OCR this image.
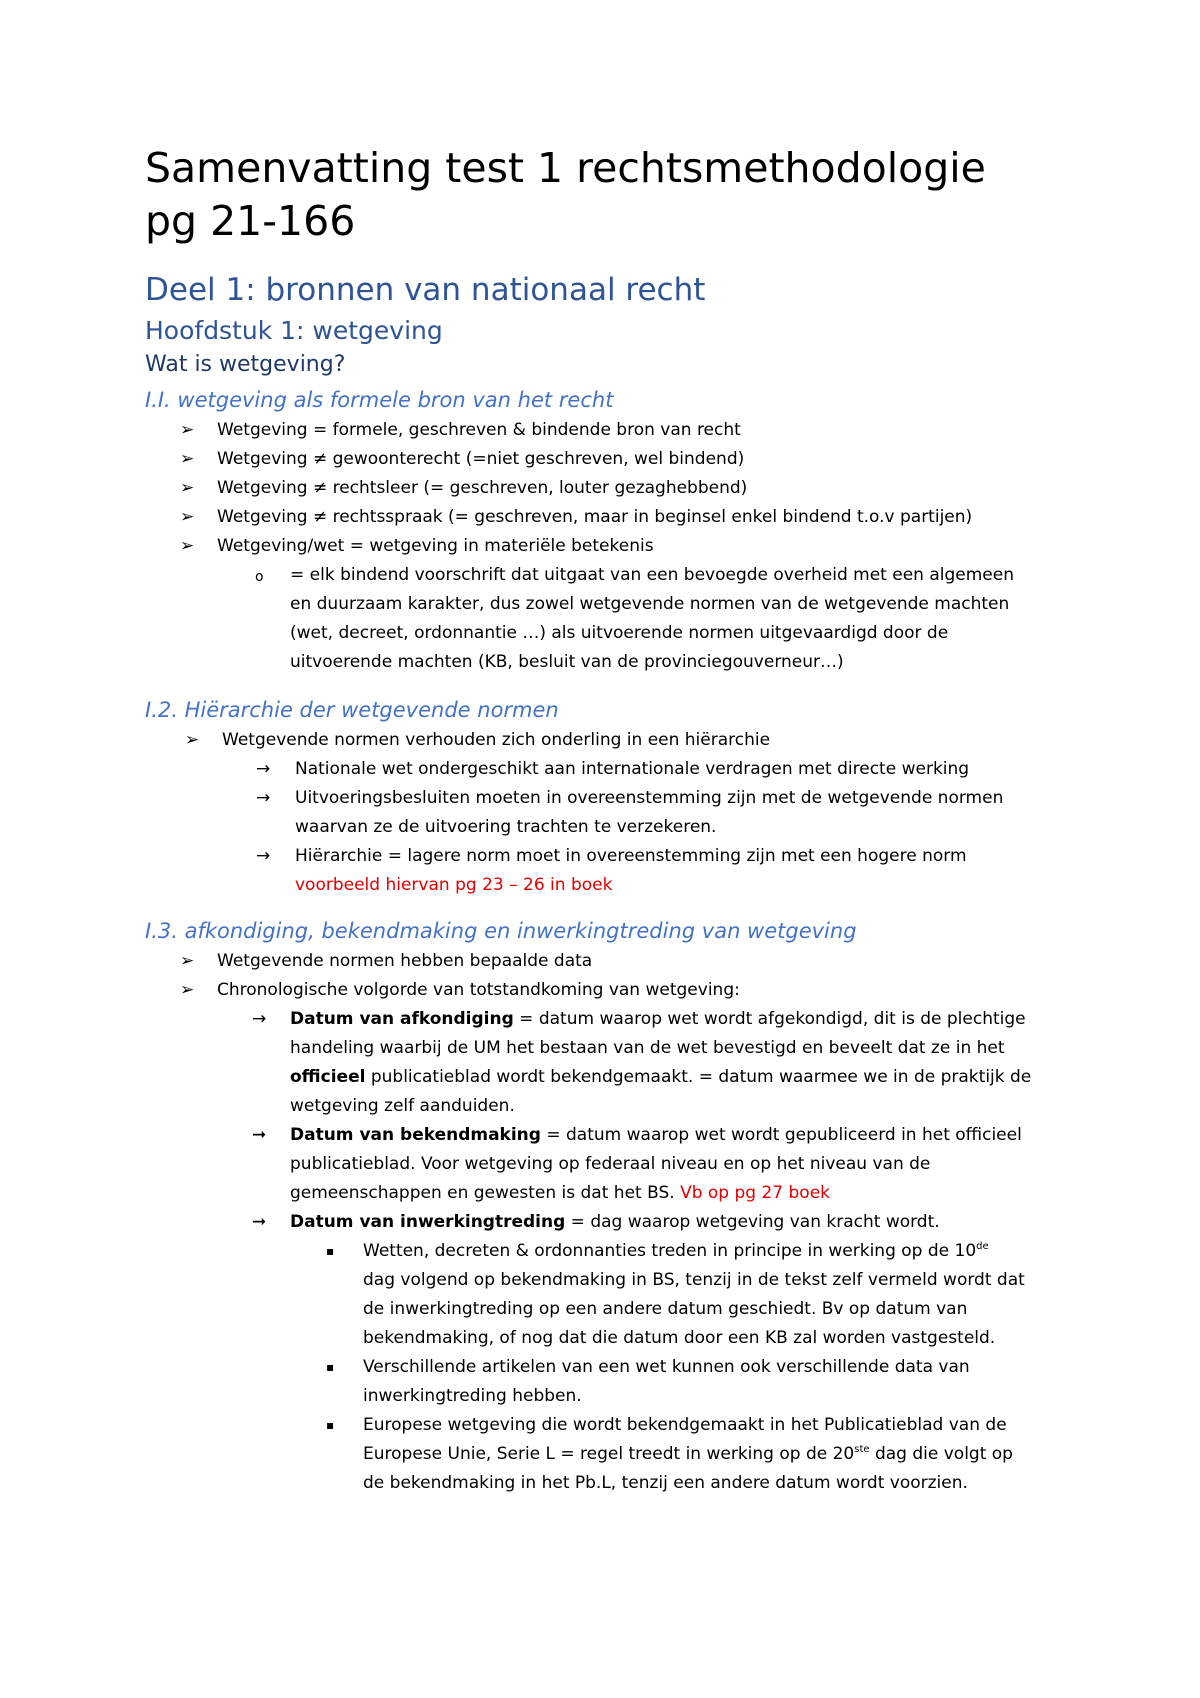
Samenvatting test 1 rechtsmethodologie
pg 21-166
Deel 1: bronnen van nationaal recht
Hoofdstuk 1: wetgeving
Wat is wetgeving?
I.I. wetgeving als formele bron van het recht
➢ Wetgeving = formele, geschreven & bindende bron van recht

➢ Wetgeving ≠ gewoonterecht (=niet geschreven, wel bindend)

➢ Wetgeving ≠ rechtsleer (= geschreven, louter gezaghebbend)

➢ Wetgeving ≠ rechtsspraak (= geschreven, maar in beginsel enkel bindend t.o.v partijen)

➢ Wetgeving/wet = wetgeving in materiële betekenis

o = elk bindend voorschrift dat uitgaat van een bevoegde overheid met een algemeen

en duurzaam karakter, dus zowel wetgevende normen van de wetgevende machten

(wet, decreet, ordonnantie …) als uitvoerende normen uitgevaardigd door de

uitvoerende machten (KB, besluit van de provinciegouverneur…)

I.2. Hiërarchie der wetgevende normen
➢ Wetgevende normen verhouden zich onderling in een hiërarchie

→ Nationale wet ondergeschikt aan internationale verdragen met directe werking

→ Uitvoeringsbesluiten moeten in overeenstemming zijn met de wetgevende normen

waarvan ze de uitvoering trachten te verzekeren.

→ Hiërarchie = lagere norm moet in overeenstemming zijn met een hogere norm

voorbeeld hiervan pg 23 – 26 in boek

I.3. afkondiging, bekendmaking en inwerkingtreding van wetgeving
➢ Wetgevende normen hebben bepaalde data

➢ Chronologische volgorde van totstandkoming van wetgeving:

→ Datum van afkondiging = datum waarop wet wordt afgekondigd, dit is de plechtige

handeling waarbij de UM het bestaan van de wet bevestigd en beveelt dat ze in het

officieel publicatieblad wordt bekendgemaakt. = datum waarmee we in de praktijk de

wetgeving zelf aanduiden.

➞ Datum van bekendmaking = datum waarop wet wordt gepubliceerd in het officieel

publicatieblad. Voor wetgeving op federaal niveau en op het niveau van de

gemeenschappen en gewesten is dat het BS. Vb op pg 27 boek

➞ Datum van inwerkingtreding = dag waarop wetgeving van kracht wordt.

▪ Wetten, decreten & ordonnanties treden in principe in werking op de 10de

dag volgend op bekendmaking in BS, tenzij in de tekst zelf vermeld wordt dat

de inwerkingtreding op een andere datum geschiedt. Bv op datum van

bekendmaking, of nog dat die datum door een KB zal worden vastgesteld.

▪ Verschillende artikelen van een wet kunnen ook verschillende data van

inwerkingtreding hebben.

▪ Europese wetgeving die wordt bekendgemaakt in het Publicatieblad van de

Europese Unie, Serie L = regel treedt in werking op de 20ste dag die volgt op

de bekendmaking in het Pb.L, tenzij een andere datum wordt voorzien.
